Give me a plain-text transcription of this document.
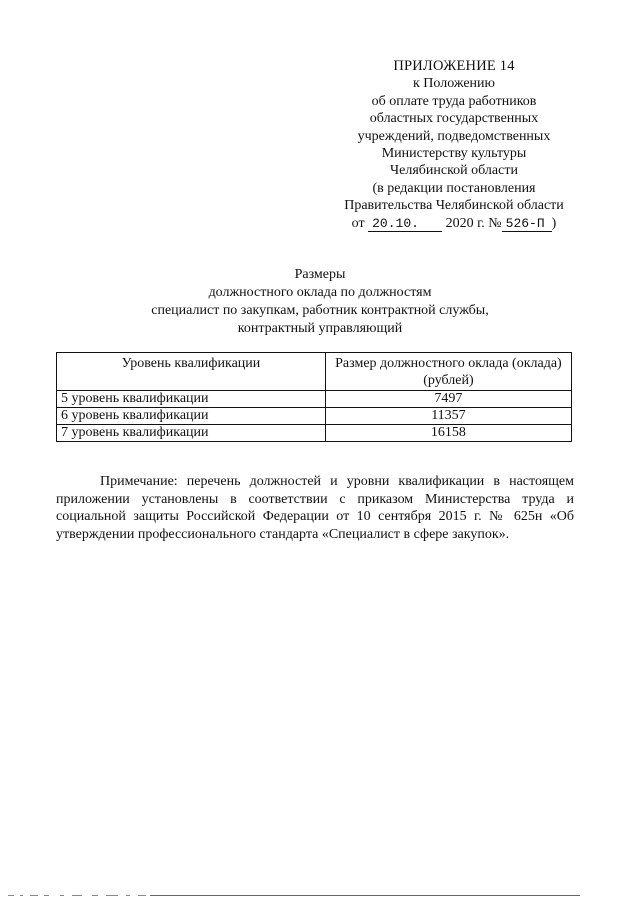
ПРИЛОЖЕНИЕ 14
к Положению
об оплате труда работников
областных государственных
учреждений, подведомственных
Министерству культуры
Челябинской области
(в редакции постановления
Правительства Челябинской области
от 20.10. 2020 г. № 526-П )
Размеры
должностного оклада по должностям
специалист по закупкам, работник контрактной службы,
контрактный управляющий
Уровень квалификации	Размер должностного оклада (оклада) (рублей)
5 уровень квалификации	7497
6 уровень квалификации	11357
7 уровень квалификации	16158

Примечание: перечень должностей и уровни квалификации в настоящем приложении установлены в соответствии с приказом Министерства труда и социальной защиты Российской Федерации от 10 сентября 2015 г. № 625н «Об утверждении профессионального стандарта «Специалист в сфере закупок».
